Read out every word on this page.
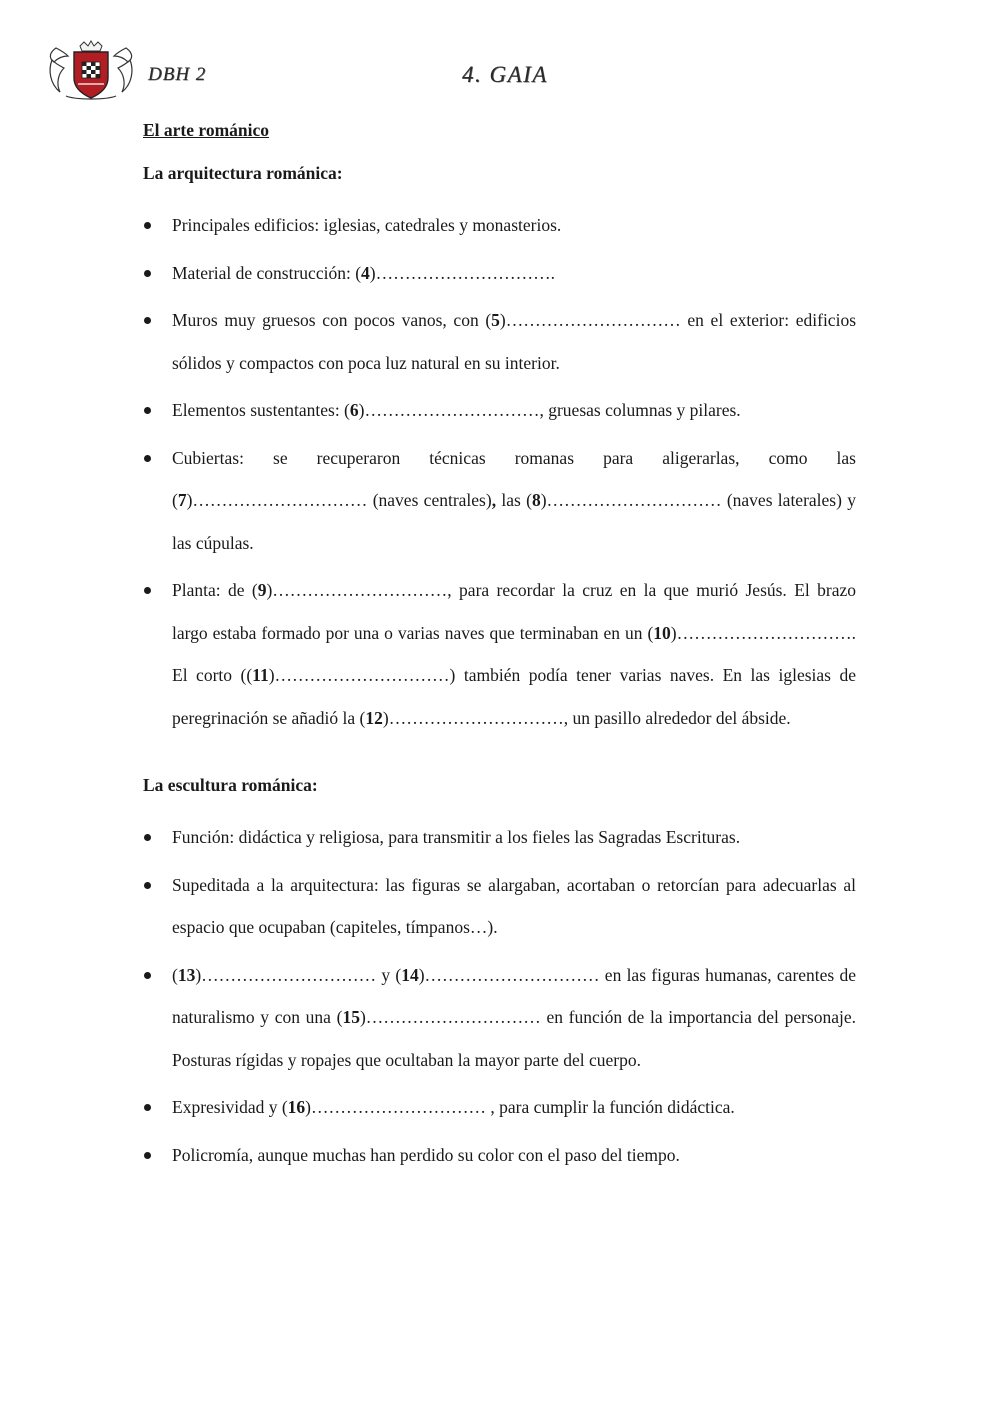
DBH 2	4. GAIA

El arte románico

La arquitectura románica:

Principales edificios: iglesias, catedrales y monasterios.
Material de construcción: (4)………………………….
Muros muy gruesos con pocos vanos, con (5)………………………… en el exterior: edificios sólidos y compactos con poca luz natural en su interior.
Elementos sustentantes: (6)…………………………, gruesas columnas y pilares.
Cubiertas: se recuperaron técnicas romanas para aligerarlas, como las (7)………………………… (naves centrales), las (8)………………………… (naves laterales) y las cúpulas.
Planta: de (9)…………………………, para recordar la cruz en la que murió Jesús. El brazo largo estaba formado por una o varias naves que terminaban en un (10)…………………………. El corto ((11)…………………………) también podía tener varias naves. En las iglesias de peregrinación se añadió la (12)…………………………, un pasillo alrededor del ábside.

La escultura románica:

Función: didáctica y religiosa, para transmitir a los fieles las Sagradas Escrituras.
Supeditada a la arquitectura: las figuras se alargaban, acortaban o retorcían para adecuarlas al espacio que ocupaban (capiteles, tímpanos…).
(13)………………………… y (14)………………………… en las figuras humanas, carentes de naturalismo y con una (15)………………………… en función de la importancia del personaje. Posturas rígidas y ropajes que ocultaban la mayor parte del cuerpo.
Expresividad y (16)………………………… , para cumplir la función didáctica.
Policromía, aunque muchas han perdido su color con el paso del tiempo.
